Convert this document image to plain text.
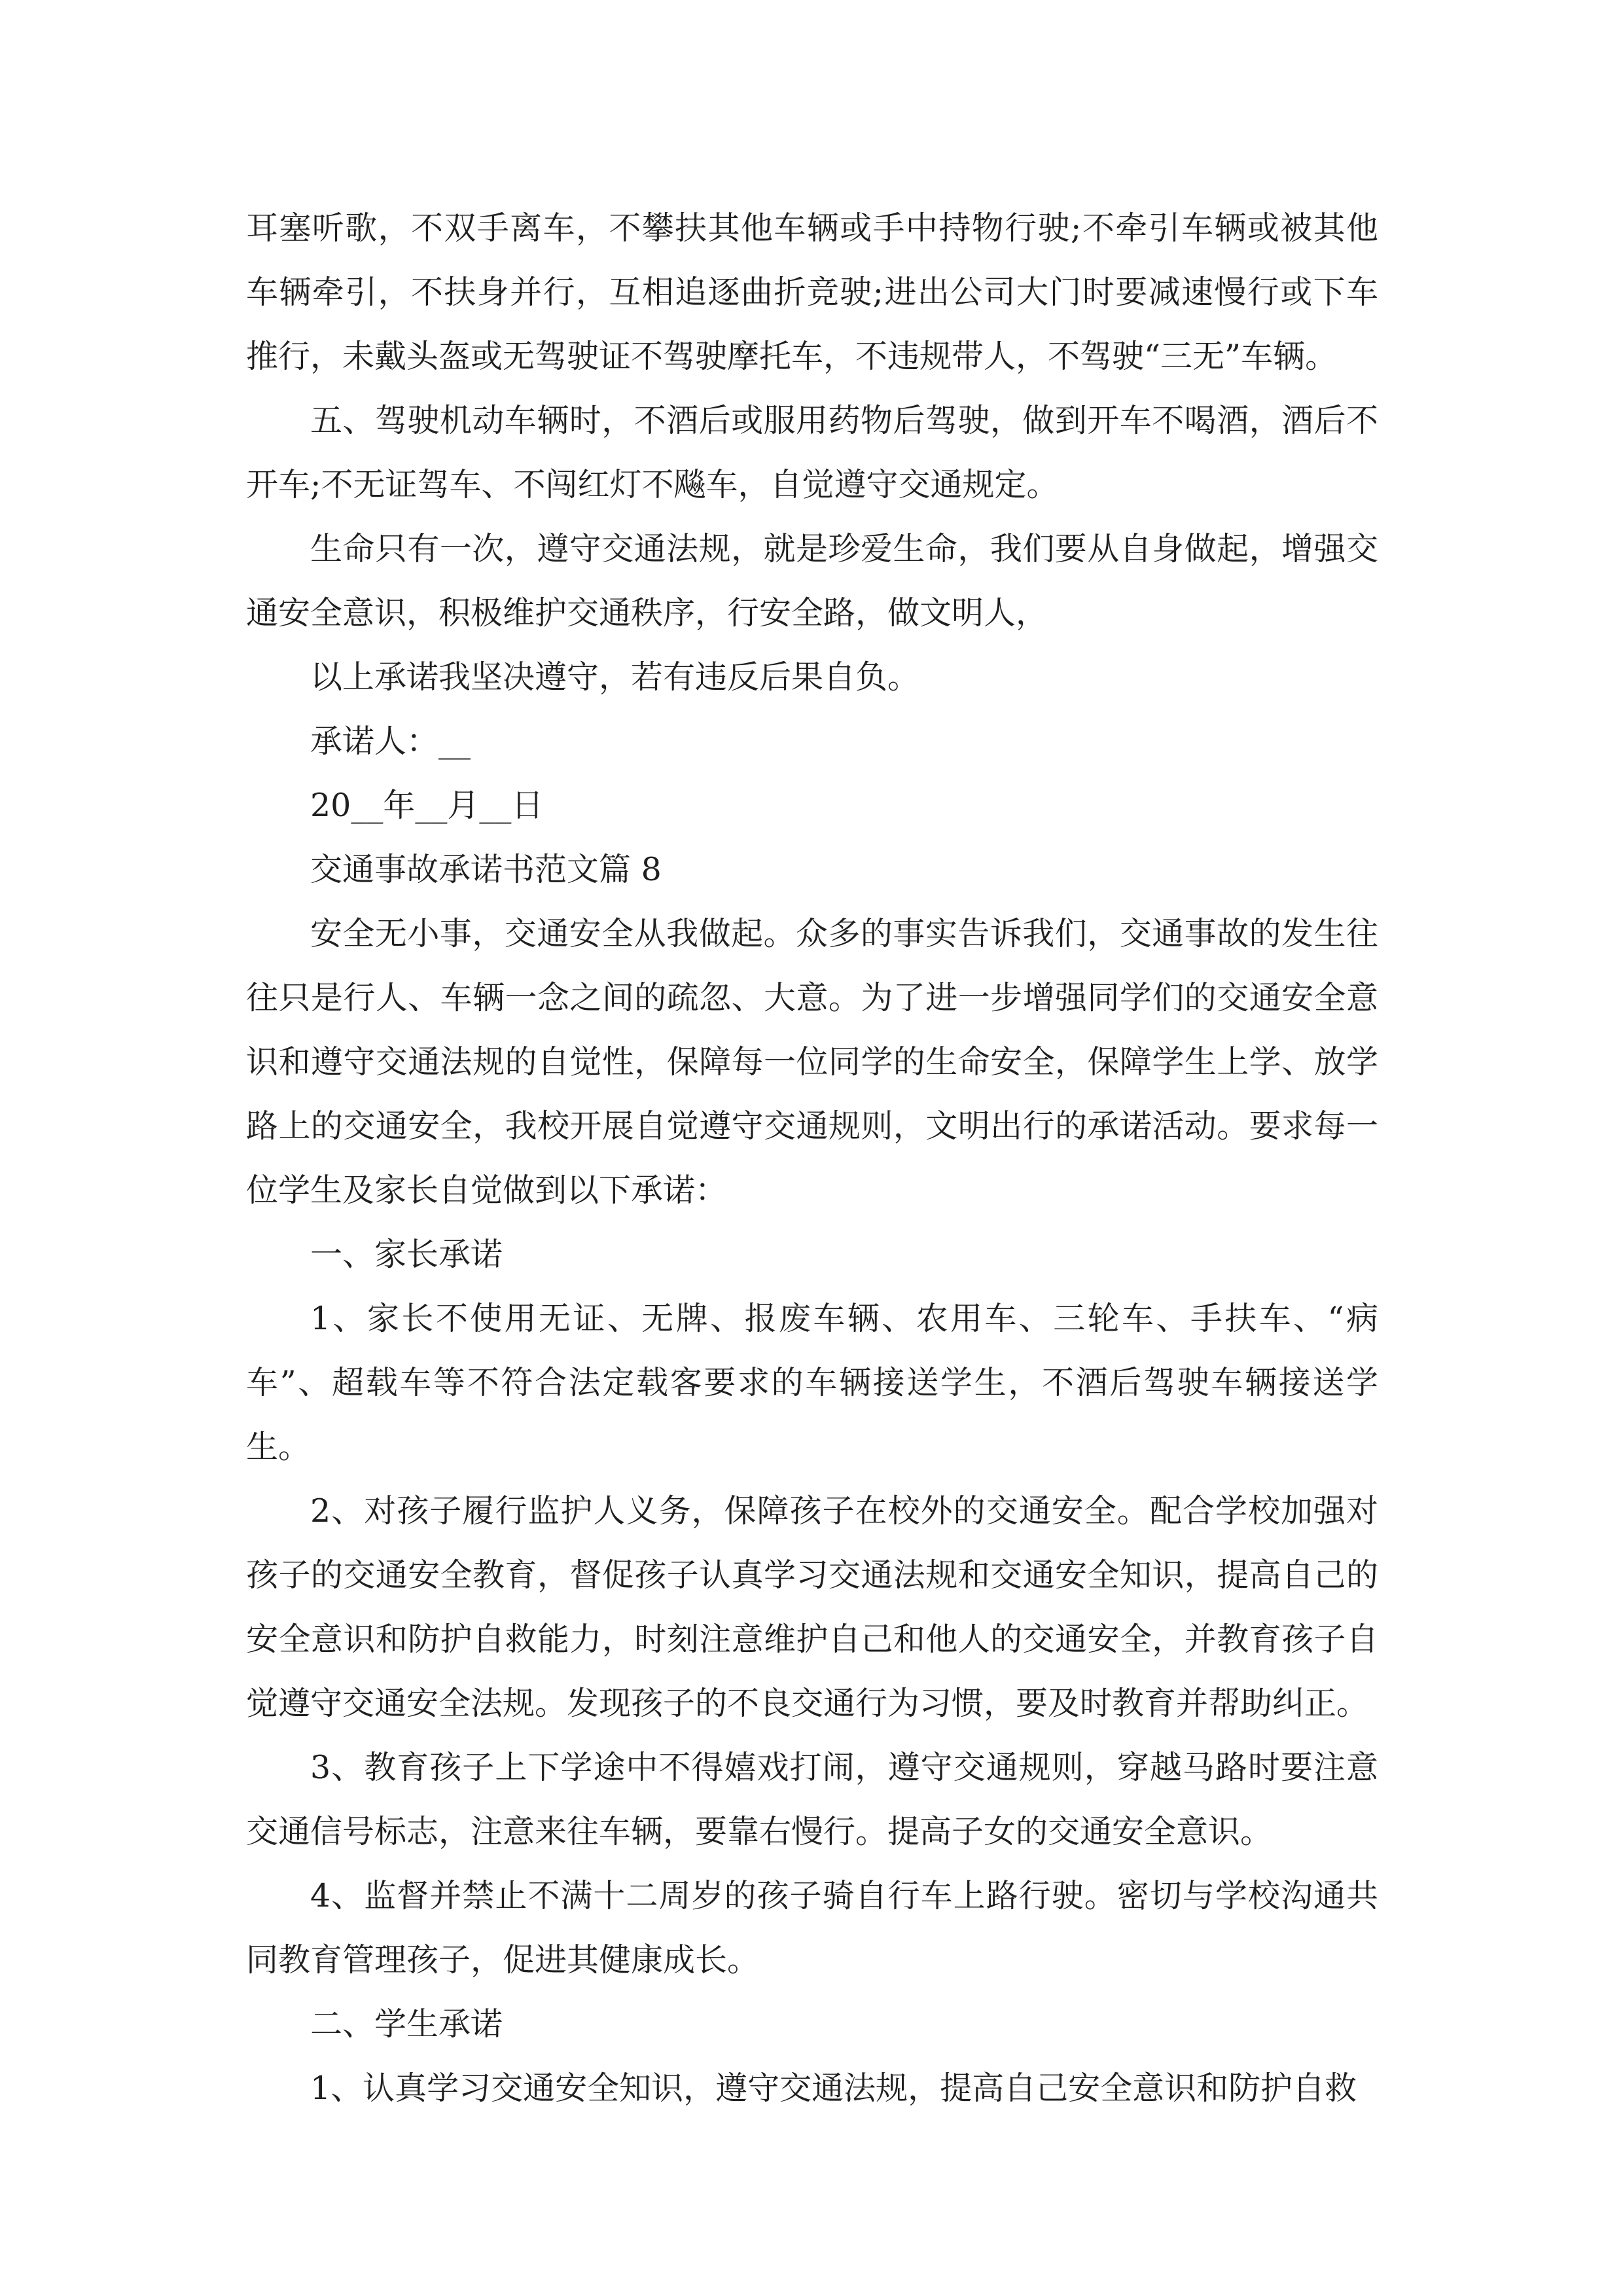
耳塞听歌，不双手离车，不攀扶其他车辆或手中持物行驶;不牵引车辆或被其他车辆牵引，不扶身并行，互相追逐曲折竞驶;进出公司大门时要减速慢行或下车推行，未戴头盔或无驾驶证不驾驶摩托车，不违规带人，不驾驶“三无”车辆。

五、驾驶机动车辆时，不酒后或服用药物后驾驶，做到开车不喝酒，酒后不开车;不无证驾车、不闯红灯不飚车，自觉遵守交通规定。

生命只有一次，遵守交通法规，就是珍爱生命，我们要从自身做起，增强交通安全意识，积极维护交通秩序，行安全路，做文明人，

以上承诺我坚决遵守，若有违反后果自负。

承诺人：__

20__年__月__日

交通事故承诺书范文篇 8

安全无小事，交通安全从我做起。众多的事实告诉我们，交通事故的发生往往只是行人、车辆一念之间的疏忽、大意。为了进一步增强同学们的交通安全意识和遵守交通法规的自觉性，保障每一位同学的生命安全，保障学生上学、放学路上的交通安全，我校开展自觉遵守交通规则，文明出行的承诺活动。要求每一位学生及家长自觉做到以下承诺：

一、家长承诺

1、家长不使用无证、无牌、报废车辆、农用车、三轮车、手扶车、“病车”、超载车等不符合法定载客要求的车辆接送学生，不酒后驾驶车辆接送学生。

2、对孩子履行监护人义务，保障孩子在校外的交通安全。配合学校加强对孩子的交通安全教育，督促孩子认真学习交通法规和交通安全知识，提高自己的安全意识和防护自救能力，时刻注意维护自己和他人的交通安全，并教育孩子自觉遵守交通安全法规。发现孩子的不良交通行为习惯，要及时教育并帮助纠正。

3、教育孩子上下学途中不得嬉戏打闹，遵守交通规则，穿越马路时要注意交通信号标志，注意来往车辆，要靠右慢行。提高子女的交通安全意识。

4、监督并禁止不满十二周岁的孩子骑自行车上路行驶。密切与学校沟通共同教育管理孩子，促进其健康成长。

二、学生承诺

1、认真学习交通安全知识，遵守交通法规，提高自己安全意识和防护自救
